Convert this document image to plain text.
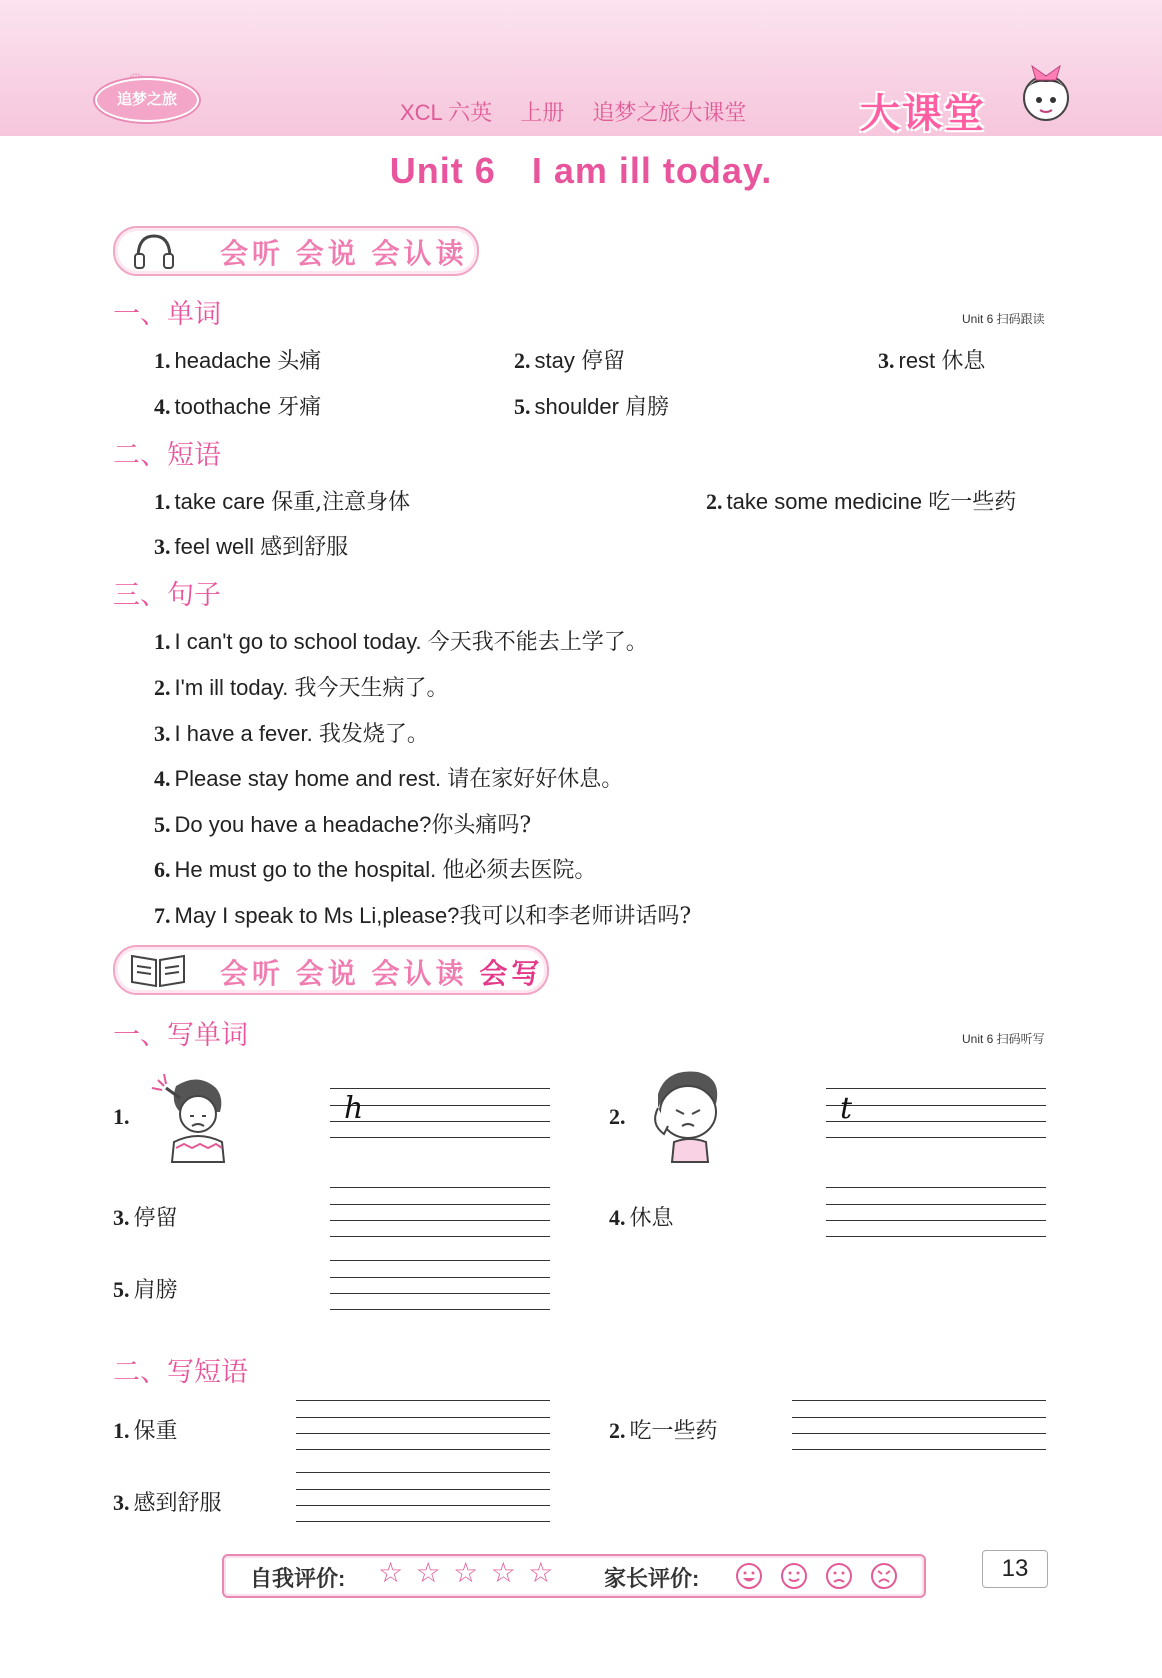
追梦之旅
XCL 六英 上册 追梦之旅大课堂	大课堂
Unit 6 I am ill today.
会听 会说 会认读
一、单词	Unit 6 扫码跟读
1. headache 头痛	2. stay 停留	3. rest 休息
4. toothache 牙痛	5. shoulder 肩膀
二、短语
1. take care 保重,注意身体	2. take some medicine 吃一些药
3. feel well 感到舒服
三、句子
1. I can't go to school today. 今天我不能去上学了。
2. I'm ill today. 我今天生病了。
3. I have a fever. 我发烧了。
4. Please stay home and rest. 请在家好好休息。
5. Do you have a headache?你头痛吗?
6. He must go to the hospital. 他必须去医院。
7. May I speak to Ms Li,please?我可以和李老师讲话吗?
会听 会说 会认读 会写
一、写单词	Unit 6 扫码听写
1.	h	2.	t
3. 停留	4. 休息
5. 肩膀
二、写短语
1. 保重	2. 吃一些药
3. 感到舒服
自我评价: ☆ ☆ ☆ ☆ ☆ 家长评价:	13
